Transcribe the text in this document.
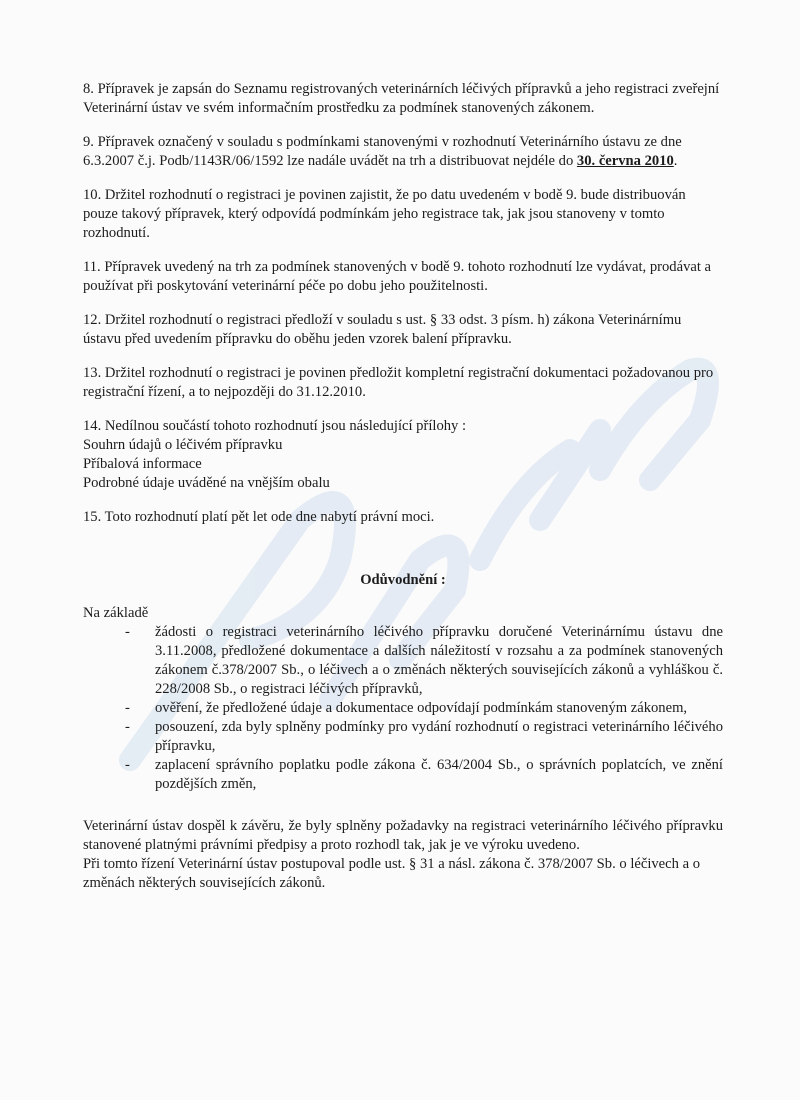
8. Přípravek je zapsán do Seznamu registrovaných veterinárních léčivých přípravků a jeho registraci zveřejní Veterinární ústav ve svém informačním prostředku za podmínek stanovených zákonem.

9. Přípravek označený v souladu s podmínkami stanovenými v rozhodnutí Veterinárního ústavu ze dne 6.3.2007 č.j. Podb/1143R/06/1592 lze nadále uvádět na trh a distribuovat nejdéle do 30. června 2010.

10. Držitel rozhodnutí o registraci je povinen zajistit, že po datu uvedeném v bodě 9. bude distribuován pouze takový přípravek, který odpovídá podmínkám jeho registrace tak, jak jsou stanoveny v tomto rozhodnutí.

11. Přípravek uvedený na trh za podmínek stanovených v bodě 9. tohoto rozhodnutí lze vydávat, prodávat a používat při poskytování veterinární péče po dobu jeho použitelnosti.

12. Držitel rozhodnutí o registraci předloží v souladu s ust. § 33 odst. 3 písm. h) zákona Veterinárnímu ústavu před uvedením přípravku do oběhu jeden vzorek balení přípravku.

13. Držitel rozhodnutí o registraci je povinen předložit kompletní registrační dokumentaci požadovanou pro registrační řízení, a to nejpozději do 31.12.2010.

14. Nedílnou součástí tohoto rozhodnutí jsou následující přílohy :
Souhrn údajů o léčivém přípravku
Příbalová informace
Podrobné údaje uváděné na vnějším obalu

15. Toto rozhodnutí platí pět let ode dne nabytí právní moci.

Odůvodnění :
Na základě
- žádosti o registraci veterinárního léčivého přípravku doručené Veterinárnímu ústavu dne 3.11.2008, předložené dokumentace a dalších náležitostí v rozsahu a za podmínek stanovených zákonem č.378/2007 Sb., o léčivech a o změnách některých souvisejících zákonů a vyhláškou č. 228/2008 Sb., o registraci léčivých přípravků,
- ověření, že předložené údaje a dokumentace odpovídají podmínkám stanoveným zákonem,
- posouzení, zda byly splněny podmínky pro vydání rozhodnutí o registraci veterinárního léčivého přípravku,
- zaplacení správního poplatku podle zákona č. 634/2004 Sb., o správních poplatcích, ve znění pozdějších změn,
Veterinární ústav dospěl k závěru, že byly splněny požadavky na registraci veterinárního léčivého přípravku stanovené platnými právními předpisy a proto rozhodl tak, jak je ve výroku uvedeno.
Při tomto řízení Veterinární ústav postupoval podle ust. § 31 a násl. zákona č. 378/2007 Sb. o léčivech a o změnách některých souvisejících zákonů.
